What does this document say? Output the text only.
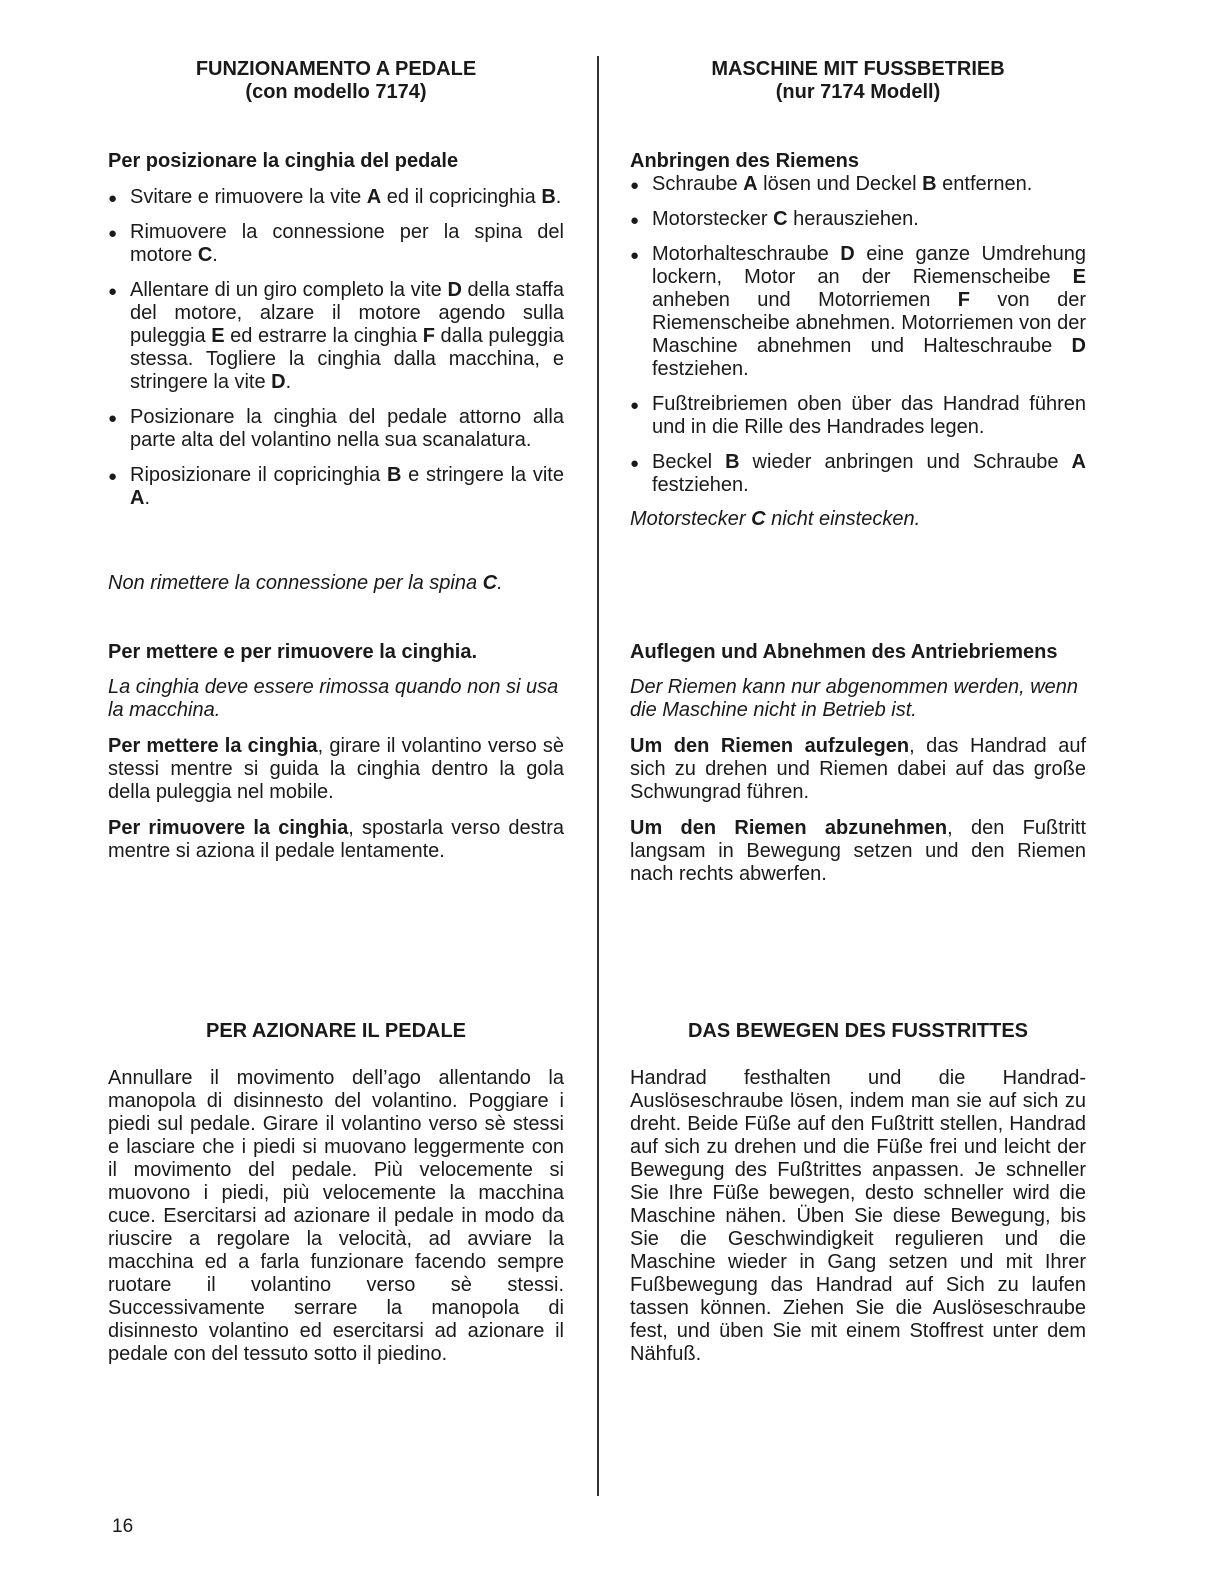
FUNZIONAMENTO A PEDALE
(con modello 7174)
Per posizionare la cinghia del pedale
● Svitare e rimuovere la vite A ed il copricinghia B.
● Rimuovere la connessione per la spina del motore C.
● Allentare di un giro completo la vite D della staffa del motore, alzare il motore agendo sulla puleggia E ed estrarre la cinghia F dalla puleggia stessa. Togliere la cinghia dalla macchina, e stringere la vite D.
● Posizionare la cinghia del pedale attorno alla parte alta del volantino nella sua scanalatura.
● Riposizionare il copricinghia B e stringere la vite A.
Non rimettere la connessione per la spina C.
Per mettere e per rimuovere la cinghia.
La cinghia deve essere rimossa quando non si usa la macchina.
Per mettere la cinghia, girare il volantino verso sè stessi mentre si guida la cinghia dentro la gola della puleggia nel mobile.
Per rimuovere la cinghia, spostarla verso destra mentre si aziona il pedale lentamente.
PER AZIONARE IL PEDALE
Annullare il movimento dell’ago allentando la manopola di disinnesto del volantino. Poggiare i piedi sul pedale. Girare il volantino verso sè stessi e lasciare che i piedi si muovano leggermente con il movimento del pedale. Più velocemente si muovono i piedi, più velocemente la macchina cuce. Esercitarsi ad azionare il pedale in modo da riuscire a regolare la velocità, ad avviare la macchina ed a farla funzionare facendo sempre ruotare il volantino verso sè stessi. Successivamente serrare la manopola di disinnesto volantino ed esercitarsi ad azionare il pedale con del tessuto sotto il piedino.
MASCHINE MIT FUSSBETRIEB
(nur 7174 Modell)
Anbringen des Riemens
● Schraube A lösen und Deckel B entfernen.
● Motorstecker C herausziehen.
● Motorhalteschraube D eine ganze Umdrehung lockern, Motor an der Riemenscheibe E anheben und Motorriemen F von der Riemenscheibe abnehmen. Motorriemen von der Maschine abnehmen und Halteschraube D festziehen.
● Fußtreibriemen oben über das Handrad führen und in die Rille des Handrades legen.
● Beckel B wieder anbringen und Schraube A festziehen.
Motorstecker C nicht einstecken.
Auflegen und Abnehmen des Antriebriemens
Der Riemen kann nur abgenommen werden, wenn die Maschine nicht in Betrieb ist.
Um den Riemen aufzulegen, das Handrad auf sich zu drehen und Riemen dabei auf das große Schwungrad führen.
Um den Riemen abzunehmen, den Fußtritt langsam in Bewegung setzen und den Riemen nach rechts abwerfen.
DAS BEWEGEN DES FUSSTRITTES
Handrad festhalten und die Handrad-Auslöseschraube lösen, indem man sie auf sich zu dreht. Beide Füße auf den Fußtritt stellen, Handrad auf sich zu drehen und die Füße frei und leicht der Bewegung des Fußtrittes anpassen. Je schneller Sie Ihre Füße bewegen, desto schneller wird die Maschine nähen. Üben Sie diese Bewegung, bis Sie die Geschwindigkeit regulieren und die Maschine wieder in Gang setzen und mit Ihrer Fußbewegung das Handrad auf Sich zu laufen tassen können. Ziehen Sie die Auslöseschraube fest, und üben Sie mit einem Stoffrest unter dem Nähfuß.
16
